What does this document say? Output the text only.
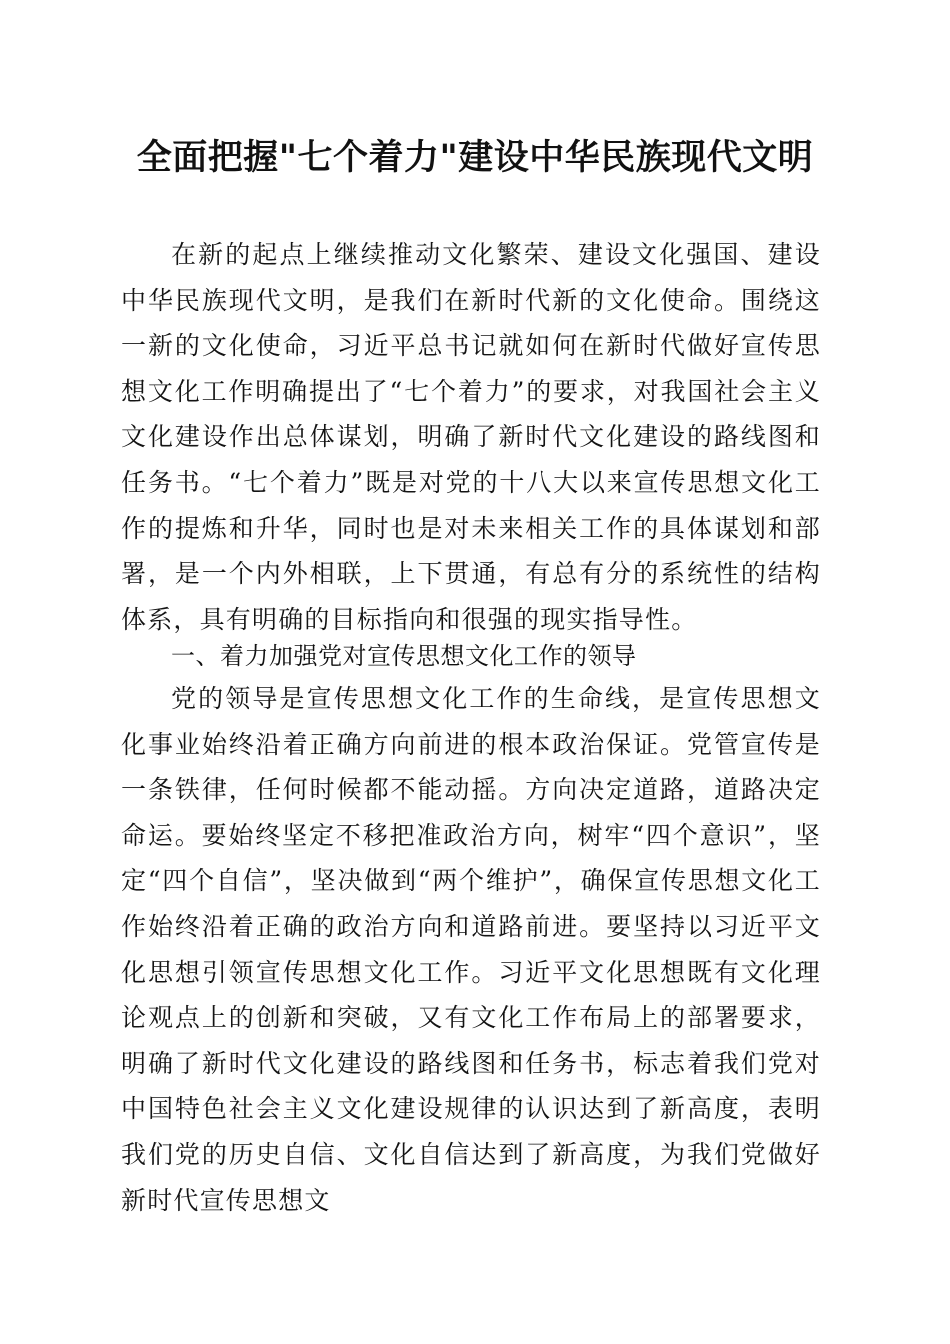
全面把握"七个着力"建设中华民族现代文明
在新的起点上继续推动文化繁荣、建设文化强国、建设中华民族现代文明，是我们在新时代新的文化使命。围绕这一新的文化使命，习近平总书记就如何在新时代做好宣传思想文化工作明确提出了“七个着力”的要求，对我国社会主义文化建设作出总体谋划，明确了新时代文化建设的路线图和任务书。“七个着力”既是对党的十八大以来宣传思想文化工作的提炼和升华，同时也是对未来相关工作的具体谋划和部署，是一个内外相联，上下贯通，有总有分的系统性的结构体系，具有明确的目标指向和很强的现实指导性。
一、着力加强党对宣传思想文化工作的领导
党的领导是宣传思想文化工作的生命线，是宣传思想文化事业始终沿着正确方向前进的根本政治保证。党管宣传是一条铁律，任何时候都不能动摇。方向决定道路，道路决定命运。要始终坚定不移把准政治方向，树牢“四个意识”，坚定“四个自信”，坚决做到“两个维护”，确保宣传思想文化工作始终沿着正确的政治方向和道路前进。要坚持以习近平文化思想引领宣传思想文化工作。习近平文化思想既有文化理论观点上的创新和突破，又有文化工作布局上的部署要求，明确了新时代文化建设的路线图和任务书，标志着我们党对中国特色社会主义文化建设规律的认识达到了新高度，表明我们党的历史自信、文化自信达到了新高度，为我们党做好新时代宣传思想文
